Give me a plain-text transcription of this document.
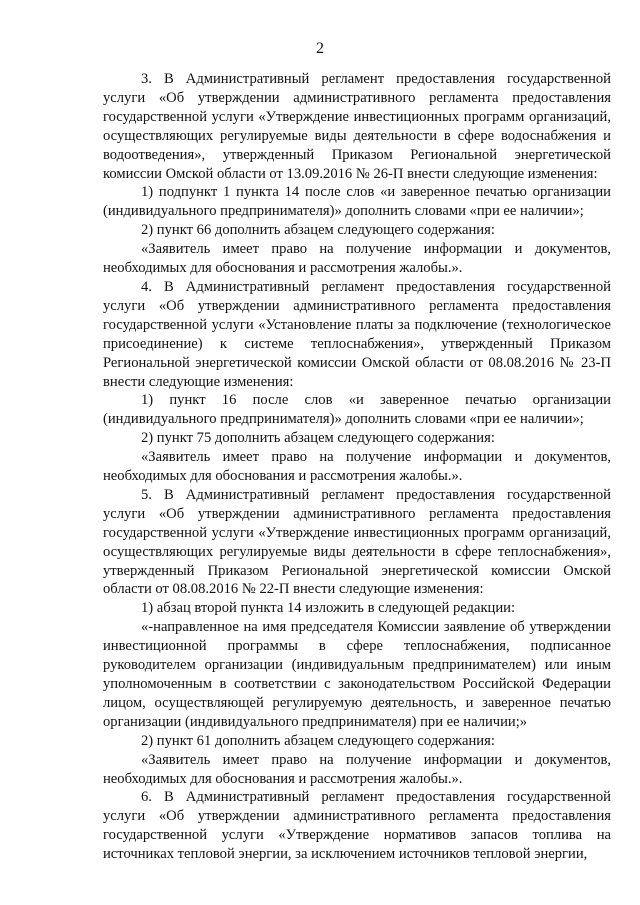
2

3. В Административный регламент предоставления государственной услуги «Об утверждении административного регламента предоставления государственной услуги «Утверждение инвестиционных программ организаций, осуществляющих регулируемые виды деятельности в сфере водоснабжения и водоотведения», утвержденный Приказом Региональной энергетической комиссии Омской области от 13.09.2016 № 26-П внести следующие изменения:

1) подпункт 1 пункта 14 после слов «и заверенное печатью организации (индивидуального предпринимателя)» дополнить словами «при ее наличии»;

2) пункт 66 дополнить абзацем следующего содержания:

«Заявитель имеет право на получение информации и документов, необходимых для обоснования и рассмотрения жалобы.».

4. В Административный регламент предоставления государственной услуги «Об утверждении административного регламента предоставления государственной услуги «Установление платы за подключение (технологическое присоединение) к системе теплоснабжения», утвержденный Приказом Региональной энергетической комиссии Омской области от 08.08.2016 № 23-П внести следующие изменения:

1) пункт 16 после слов «и заверенное печатью организации (индивидуального предпринимателя)» дополнить словами «при ее наличии»;

2) пункт 75 дополнить абзацем следующего содержания:

«Заявитель имеет право на получение информации и документов, необходимых для обоснования и рассмотрения жалобы.».

5. В Административный регламент предоставления государственной услуги «Об утверждении административного регламента предоставления государственной услуги «Утверждение инвестиционных программ организаций, осуществляющих регулируемые виды деятельности в сфере теплоснабжения», утвержденный Приказом Региональной энергетической комиссии Омской области от 08.08.2016 № 22-П внести следующие изменения:

1) абзац второй пункта 14 изложить в следующей редакции:

«-направленное на имя председателя Комиссии заявление об утверждении инвестиционной программы в сфере теплоснабжения, подписанное руководителем организации (индивидуальным предпринимателем) или иным уполномоченным в соответствии с законодательством Российской Федерации лицом, осуществляющей регулируемую деятельность, и заверенное печатью организации (индивидуального предпринимателя) при ее наличии;»

2) пункт 61 дополнить абзацем следующего содержания:

«Заявитель имеет право на получение информации и документов, необходимых для обоснования и рассмотрения жалобы.».

6. В Административный регламент предоставления государственной услуги «Об утверждении административного регламента предоставления государственной услуги «Утверждение нормативов запасов топлива на источниках тепловой энергии, за исключением источников тепловой энергии,
